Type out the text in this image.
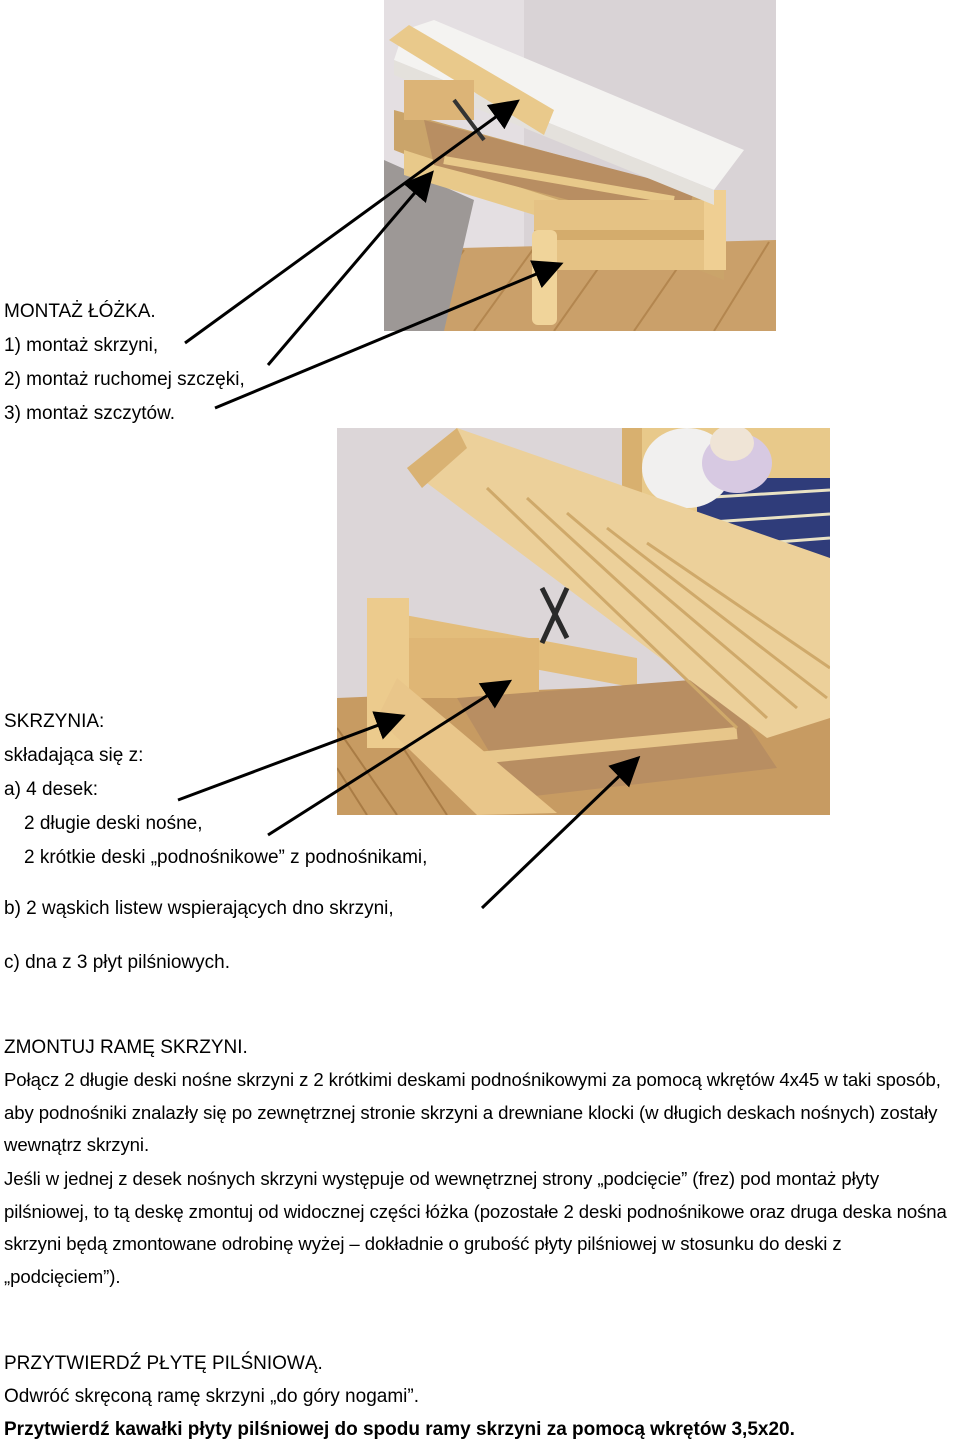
MONTAŻ ŁÓŻKA.
1) montaż skrzyni,
2) montaż ruchomej szczęki,
3) montaż szczytów.
SKRZYNIA:
składająca się z:
a) 4 desek:
2 długie deski nośne,
2 krótkie deski „podnośnikowe” z podnośnikami,
b) 2 wąskich listew wspierających dno skrzyni,
c) dna z 3 płyt pilśniowych.
ZMONTUJ RAMĘ SKRZYNI.
Połącz 2 długie deski nośne skrzyni z 2 krótkimi deskami podnośnikowymi za pomocą wkrętów 4x45 w taki sposób, aby podnośniki znalazły się po zewnętrznej stronie skrzyni a drewniane klocki (w długich deskach nośnych) zostały wewnątrz skrzyni.
Jeśli w jednej z desek nośnych skrzyni występuje od wewnętrznej strony „podcięcie” (frez) pod montaż płyty pilśniowej, to tą deskę zmontuj od widocznej części łóżka (pozostałe 2 deski podnośnikowe oraz druga deska nośna skrzyni będą zmontowane odrobinę wyżej – dokładnie o grubość płyty pilśniowej w stosunku do deski z „podcięciem”).
PRZYTWIERDŹ PŁYTĘ PILŚNIOWĄ.
Odwróć skręconą ramę skrzyni „do góry nogami”.
Przytwierdź kawałki płyty pilśniowej do spodu ramy skrzyni za pomocą wkrętów 3,5x20.
